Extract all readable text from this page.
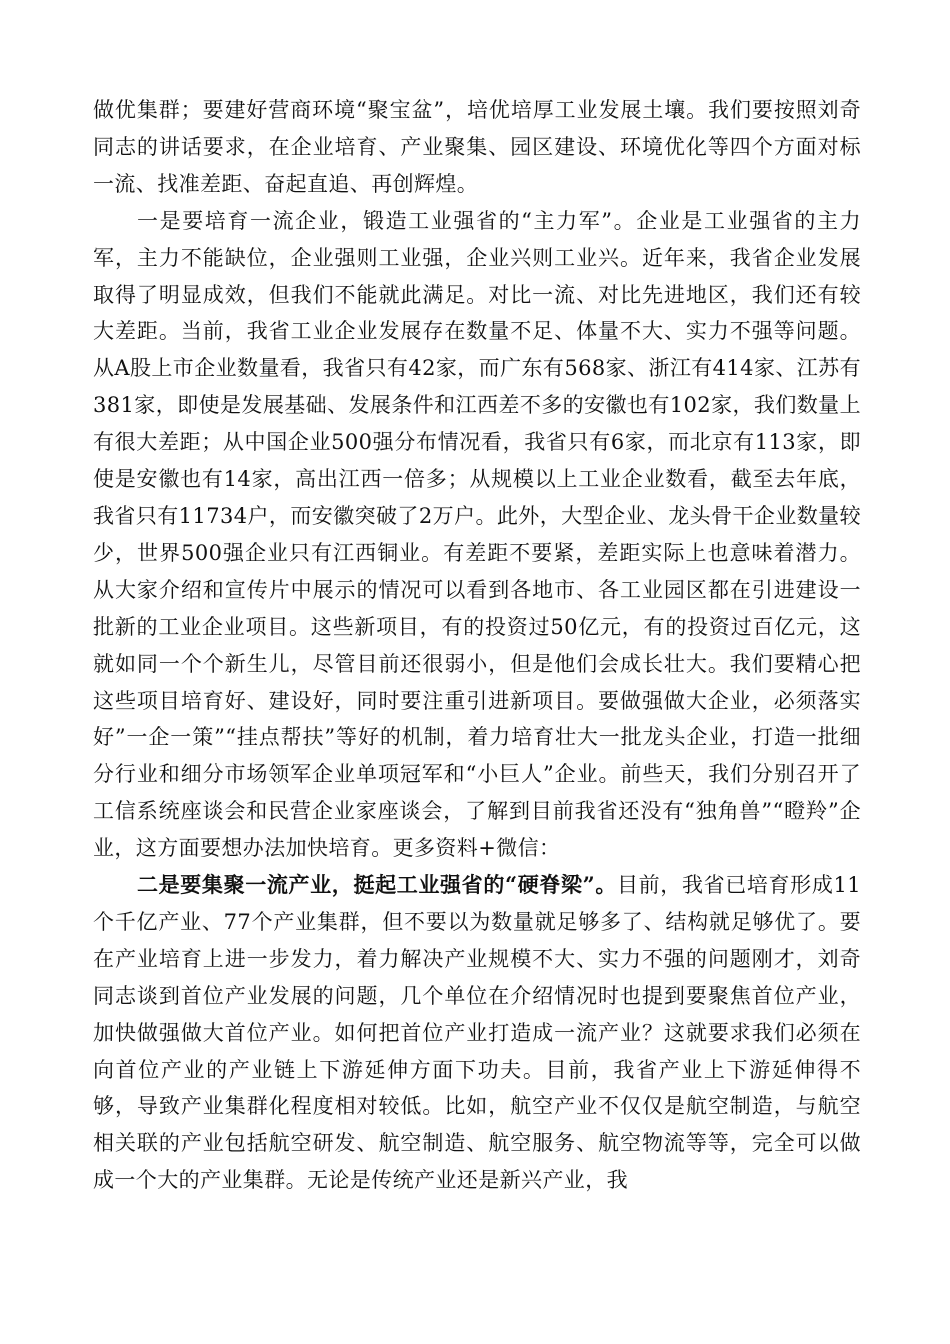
做优集群；要建好营商环境“聚宝盆”，培优培厚工业发展土壤。我们要按照刘奇同志的讲话要求，在企业培育、产业聚集、园区建设、环境优化等四个方面对标一流、找准差距、奋起直追、再创辉煌。

一是要培育一流企业，锻造工业强省的“主力军”。企业是工业强省的主力军，主力不能缺位，企业强则工业强，企业兴则工业兴。近年来，我省企业发展取得了明显成效，但我们不能就此满足。对比一流、对比先进地区，我们还有较大差距。当前，我省工业企业发展存在数量不足、体量不大、实力不强等问题。从A股上市企业数量看，我省只有42家，而广东有568家、浙江有414家、江苏有381家，即使是发展基础、发展条件和江西差不多的安徽也有102家，我们数量上有很大差距；从中国企业500强分布情况看，我省只有6家，而北京有113家，即使是安徽也有14家，高出江西一倍多；从规模以上工业企业数看，截至去年底，我省只有11734户，而安徽突破了2万户。此外，大型企业、龙头骨干企业数量较少，世界500强企业只有江西铜业。有差距不要紧，差距实际上也意味着潜力。从大家介绍和宣传片中展示的情况可以看到各地市、各工业园区都在引进建设一批新的工业企业项目。这些新项目，有的投资过50亿元，有的投资过百亿元，这就如同一个个新生儿，尽管目前还很弱小，但是他们会成长壮大。我们要精心把这些项目培育好、建设好，同时要注重引进新项目。要做强做大企业，必须落实好”一企一策”“挂点帮扶”等好的机制，着力培育壮大一批龙头企业，打造一批细分行业和细分市场领军企业单项冠军和“小巨人”企业。前些天，我们分别召开了工信系统座谈会和民营企业家座谈会，了解到目前我省还没有“独角兽”“瞪羚”企业，这方面要想办法加快培育。更多资料+微信：

二是要集聚一流产业，挺起工业强省的“硬脊梁”。目前，我省已培育形成11个千亿产业、77个产业集群，但不要以为数量就足够多了、结构就足够优了。要在产业培育上进一步发力，着力解决产业规模不大、实力不强的问题刚才，刘奇同志谈到首位产业发展的问题，几个单位在介绍情况时也提到要聚焦首位产业，加快做强做大首位产业。如何把首位产业打造成一流产业？这就要求我们必须在向首位产业的产业链上下游延伸方面下功夫。目前，我省产业上下游延伸得不够，导致产业集群化程度相对较低。比如，航空产业不仅仅是航空制造，与航空相关联的产业包括航空研发、航空制造、航空服务、航空物流等等，完全可以做成一个大的产业集群。无论是传统产业还是新兴产业，我
